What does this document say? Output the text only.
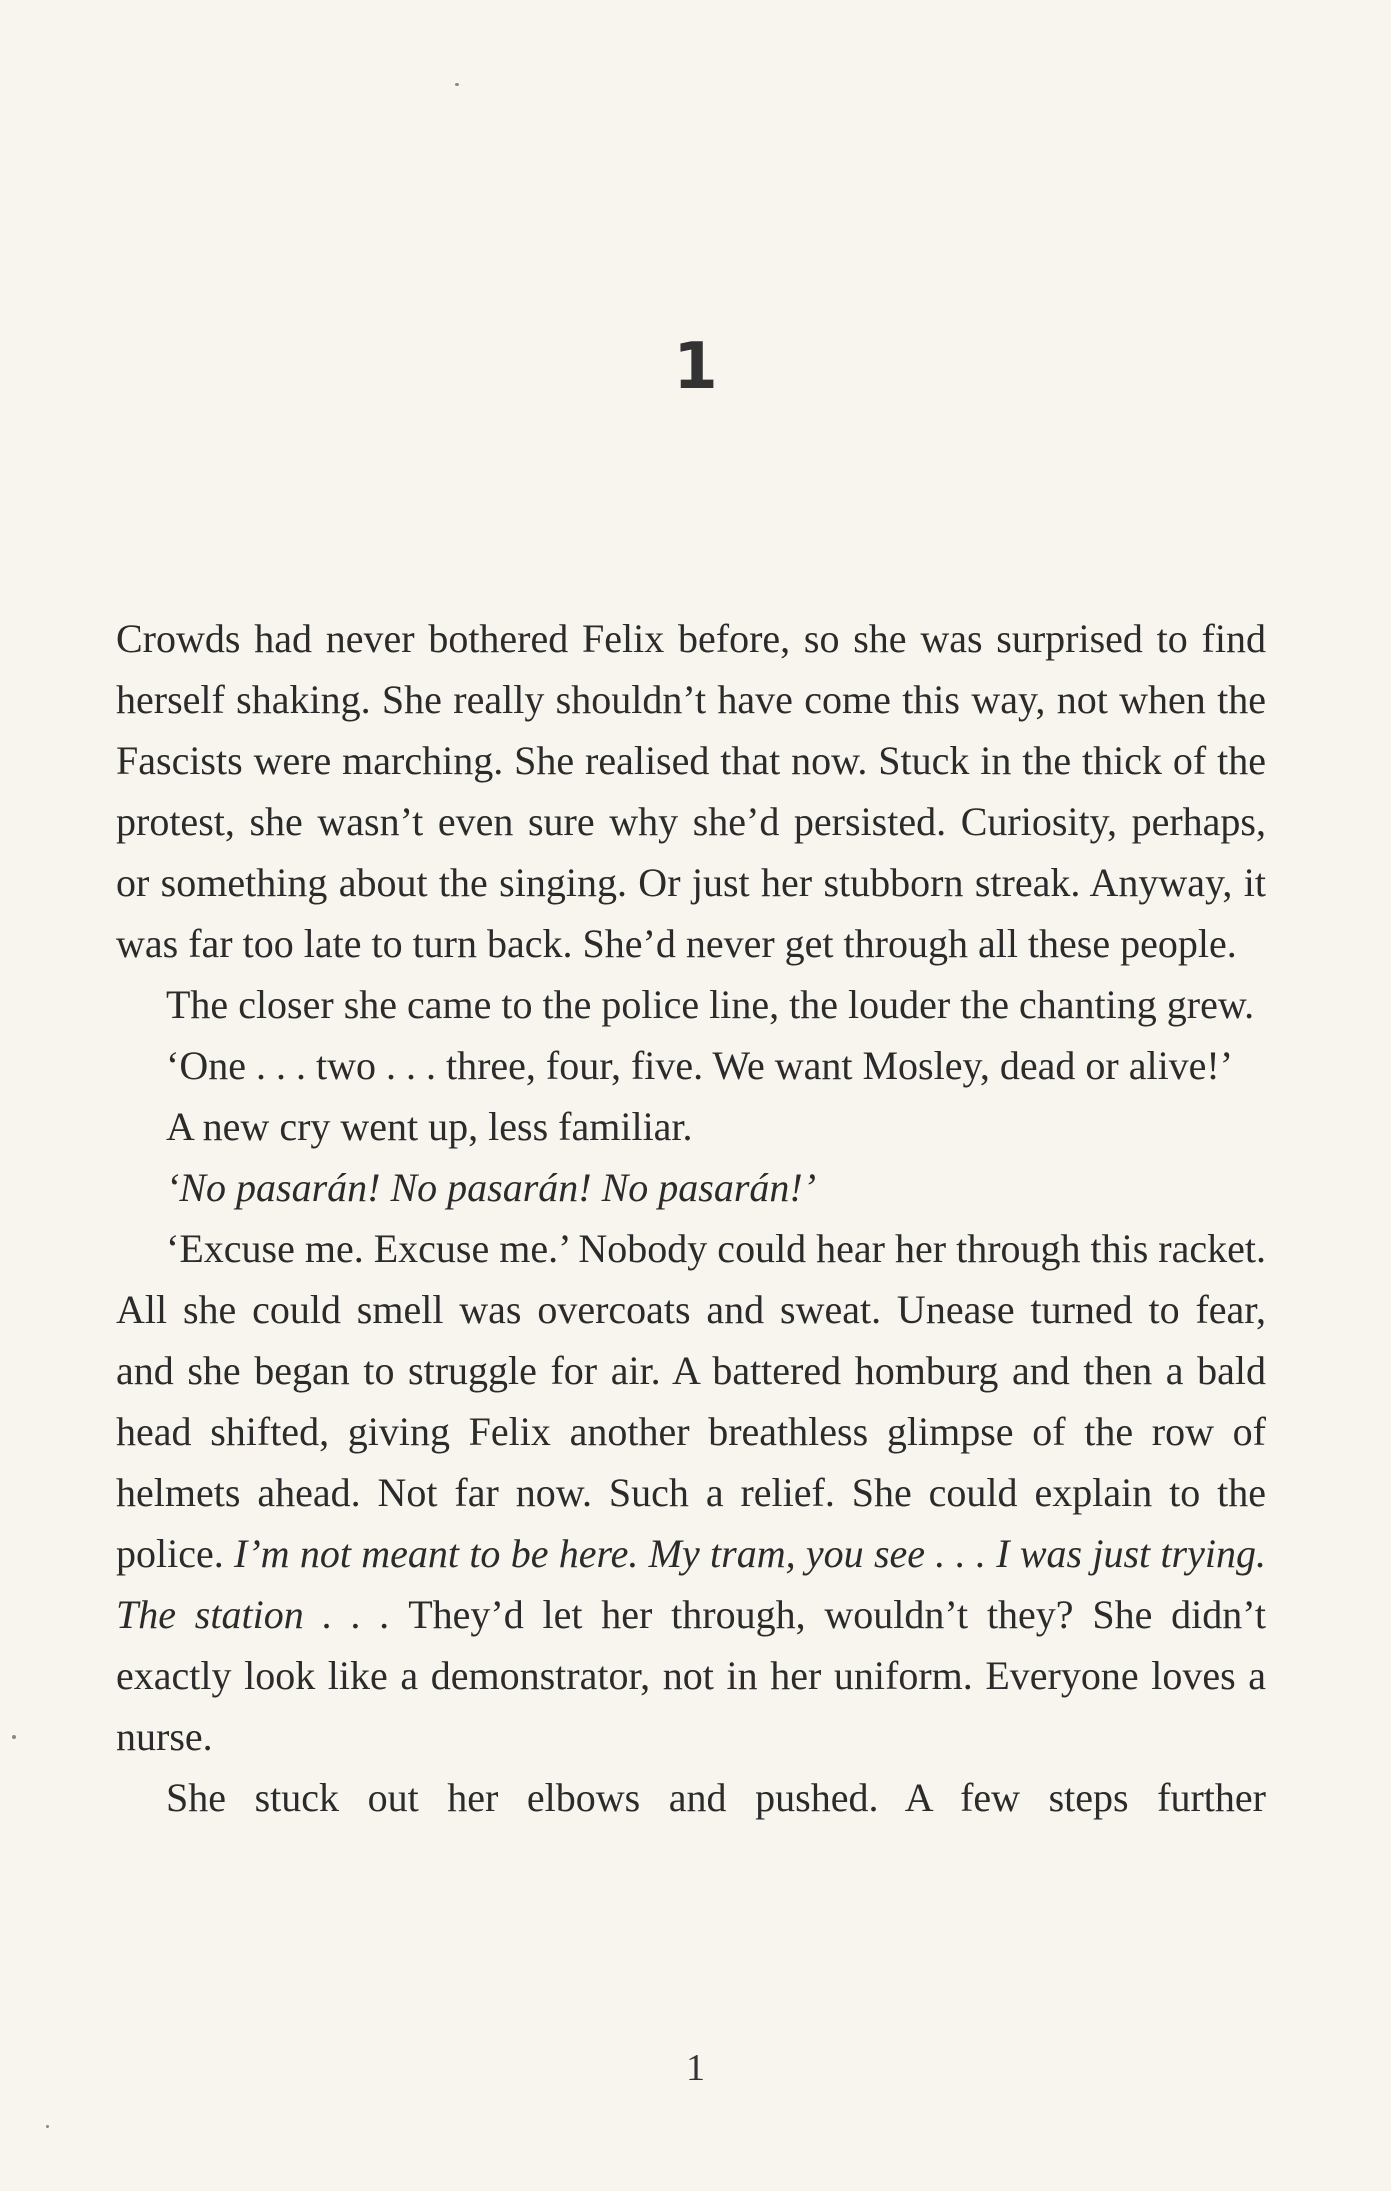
1

Crowds had never bothered Felix before, so she was surprised to find herself shaking. She really shouldn’t have come this way, not when the Fascists were marching. She realised that now. Stuck in the thick of the protest, she wasn’t even sure why she’d persisted. Curiosity, perhaps, or something about the singing. Or just her stubborn streak. Anyway, it was far too late to turn back. She’d never get through all these people.

The closer she came to the police line, the louder the chanting grew.

‘One . . . two . . . three, four, five. We want Mosley, dead or alive!’

A new cry went up, less familiar.

‘No pasarán! No pasarán! No pasarán!’

‘Excuse me. Excuse me.’ Nobody could hear her through this racket. All she could smell was overcoats and sweat. Unease turned to fear, and she began to struggle for air. A battered homburg and then a bald head shifted, giving Felix another breathless glimpse of the row of helmets ahead. Not far now. Such a relief. She could explain to the police. I’m not meant to be here. My tram, you see . . . I was just trying. The station . . . They’d let her through, wouldn’t they? She didn’t exactly look like a demonstrator, not in her uniform. Everyone loves a nurse.

She stuck out her elbows and pushed. A few steps further

1
